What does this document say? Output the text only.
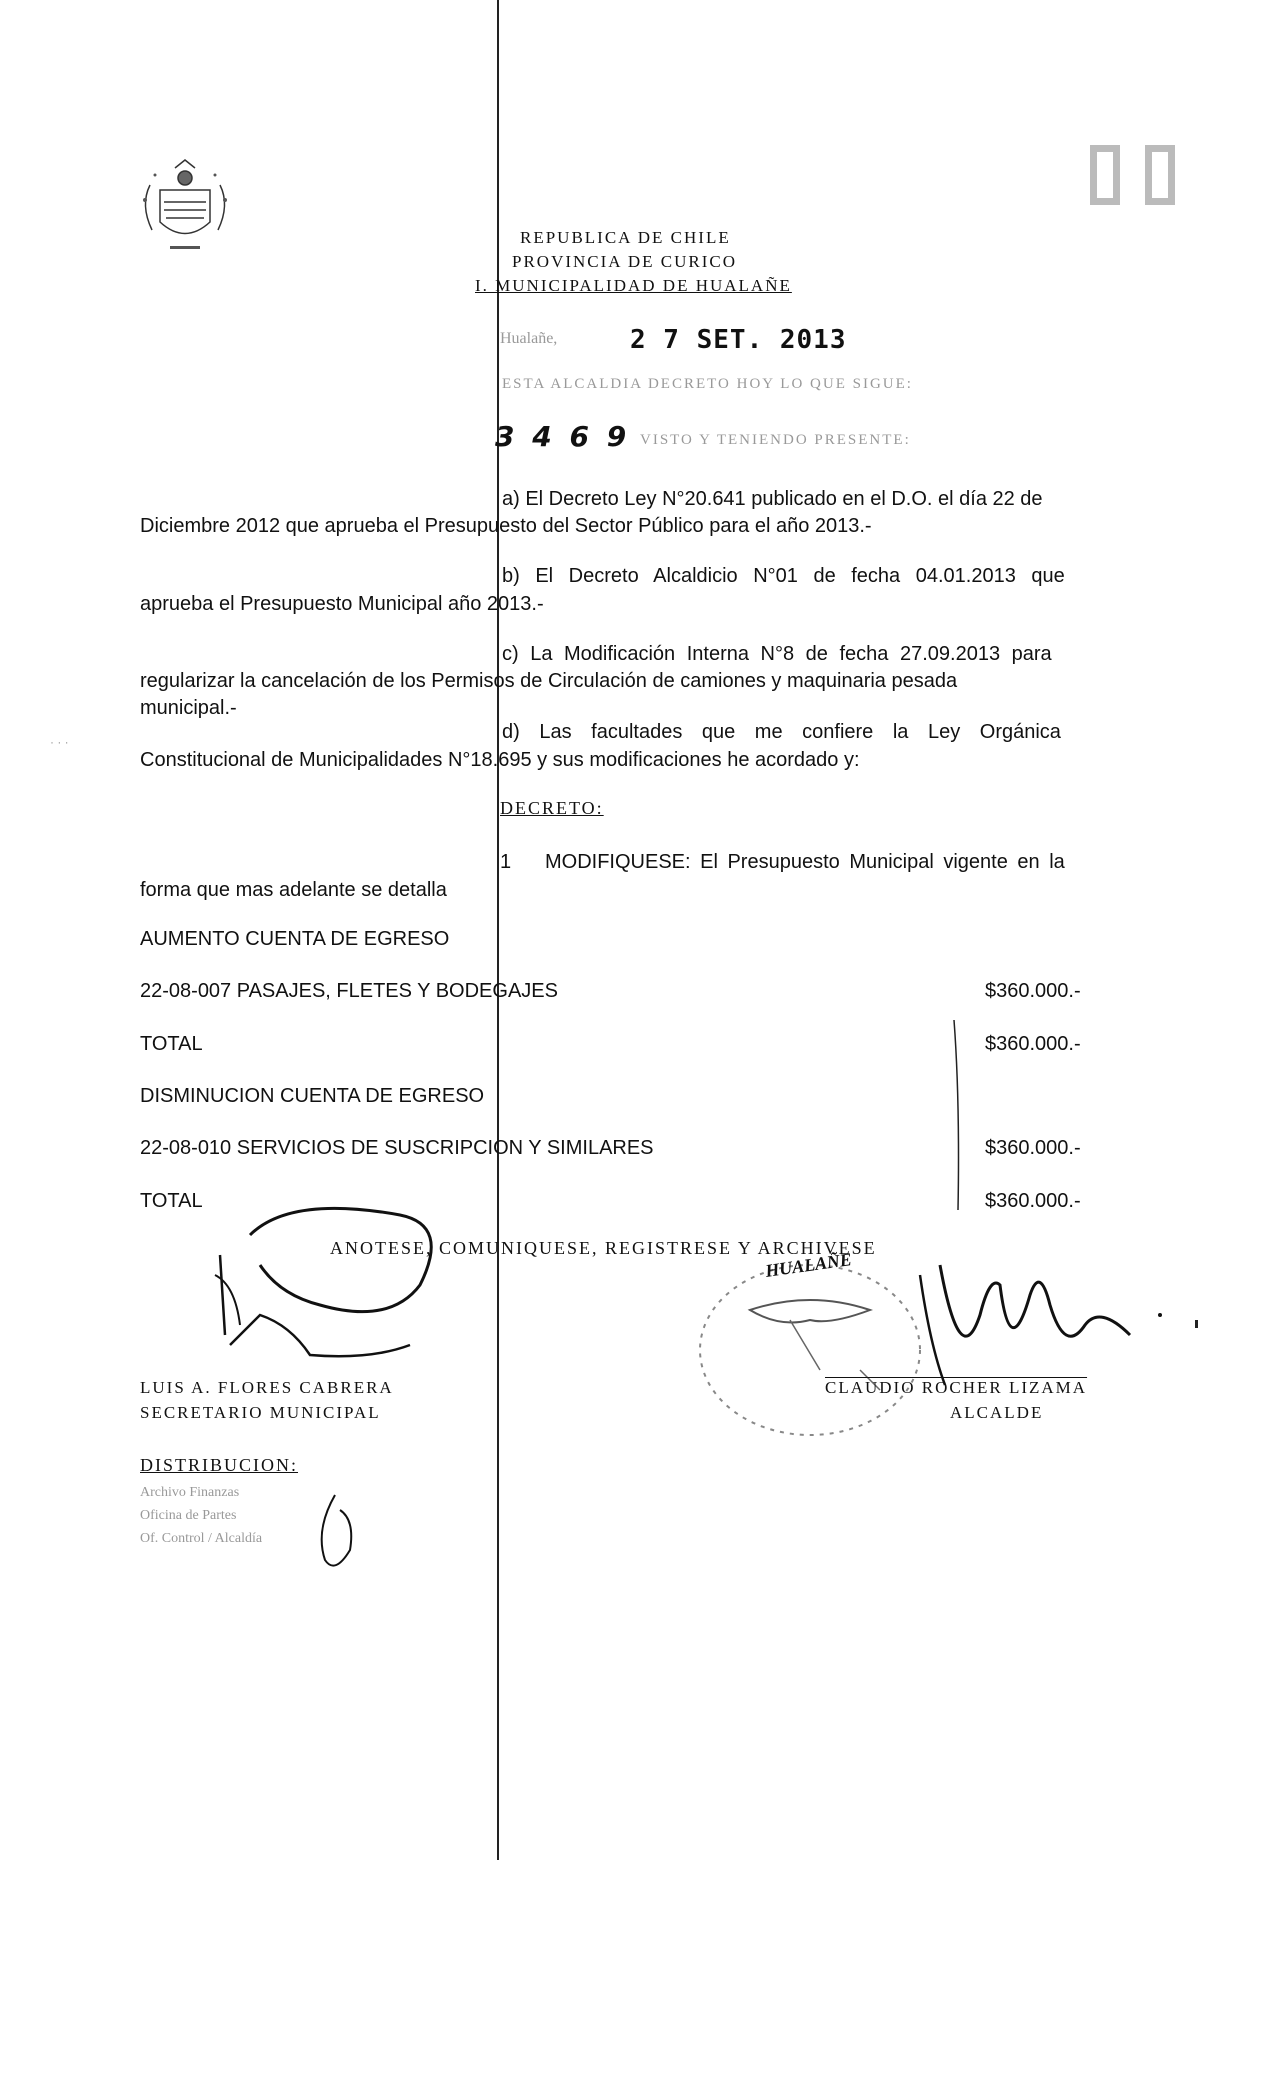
REPUBLICA DE CHILE
PROVINCIA DE CURICO
I. MUNICIPALIDAD DE HUALAÑE
Hualañe,	2 7 SET. 2013
ESTA ALCALDIA DECRETO HOY LO QUE SIGUE:
3 4 6 9 VISTO Y TENIENDO PRESENTE:
a) El Decreto Ley N°20.641 publicado en el D.O. el día 22 de
Diciembre 2012 que aprueba el Presupuesto del Sector Público para el año 2013.-
b) El Decreto Alcaldicio N°01 de fecha 04.01.2013 que
aprueba el Presupuesto Municipal año 2013.-
c) La Modificación Interna N°8 de fecha 27.09.2013 para
regularizar la cancelación de los Permisos de Circulación de camiones y maquinaria pesada
municipal.-
d) Las facultades que me confiere la Ley Orgánica
Constitucional de Municipalidades N°18.695 y sus modificaciones he acordado y:
DECRETO:
1 MODIFIQUESE: El Presupuesto Municipal vigente en la
forma que mas adelante se detalla
AUMENTO CUENTA DE EGRESO
22-08-007 PASAJES, FLETES Y BODEGAJES	$360.000.-
TOTAL	$360.000.-
DISMINUCION CUENTA DE EGRESO
22-08-010 SERVICIOS DE SUSCRIPCION Y SIMILARES	$360.000.-
TOTAL	$360.000.-
ANOTESE, COMUNIQUESE, REGISTRESE Y ARCHIVESE
HUALAÑE
LUIS A. FLORES CABRERA
SECRETARIO MUNICIPAL
CLAUDIO ROCHER LIZAMA
ALCALDE
DISTRIBUCION:
Archivo Finanzas
Oficina de Partes
Of. Control / Alcaldía
· · ·
